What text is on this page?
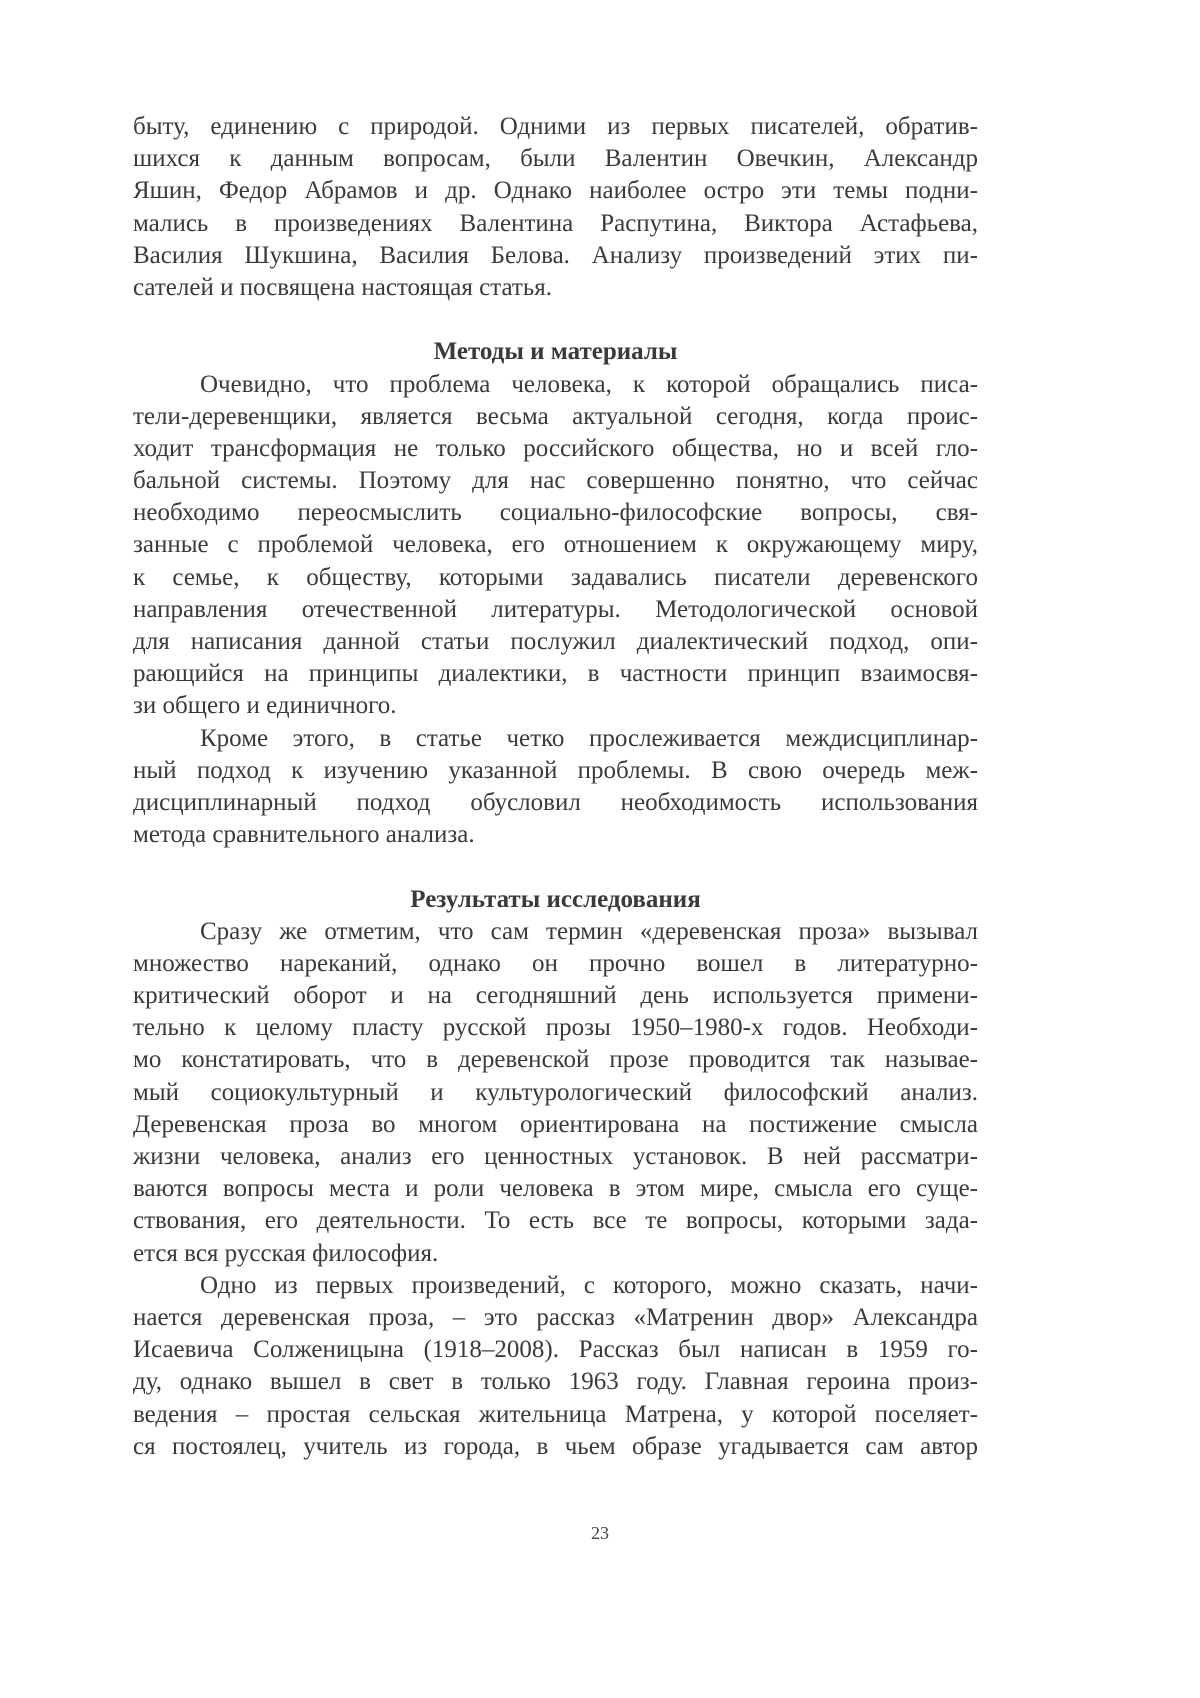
быту, единению с природой. Одними из первых писателей, обратив-
шихся к данным вопросам, были Валентин Овечкин, Александр
Яшин, Федор Абрамов и др. Однако наиболее остро эти темы подни-
мались в произведениях Валентина Распутина, Виктора Астафьева,
Василия Шукшина, Василия Белова. Анализу произведений этих пи-
сателей и посвящена настоящая статья.
Методы и материалы
Очевидно, что проблема человека, к которой обращались писа-
тели-деревенщики, является весьма актуальной сегодня, когда проис-
ходит трансформация не только российского общества, но и всей гло-
бальной системы. Поэтому для нас совершенно понятно, что сейчас
необходимо переосмыслить социально-философские вопросы, свя-
занные с проблемой человека, его отношением к окружающему миру,
к семье, к обществу, которыми задавались писатели деревенского
направления отечественной литературы. Методологической основой
для написания данной статьи послужил диалектический подход, опи-
рающийся на принципы диалектики, в частности принцип взаимосвя-
зи общего и единичного.
Кроме этого, в статье четко прослеживается междисциплинар-
ный подход к изучению указанной проблемы. В свою очередь меж-
дисциплинарный подход обусловил необходимость использования
метода сравнительного анализа.
Результаты исследования
Сразу же отметим, что сам термин «деревенская проза» вызывал
множество нареканий, однако он прочно вошел в литературно-
критический оборот и на сегодняшний день используется примени-
тельно к целому пласту русской прозы 1950–1980-х годов. Необходи-
мо констатировать, что в деревенской прозе проводится так называе-
мый социокультурный и культурологический философский анализ.
Деревенская проза во многом ориентирована на постижение смысла
жизни человека, анализ его ценностных установок. В ней рассматри-
ваются вопросы места и роли человека в этом мире, смысла его суще-
ствования, его деятельности. То есть все те вопросы, которыми зада-
ется вся русская философия.
Одно из первых произведений, с которого, можно сказать, начи-
нается деревенская проза, – это рассказ «Матренин двор» Александра
Исаевича Солженицына (1918–2008). Рассказ был написан в 1959 го-
ду, однако вышел в свет в только 1963 году. Главная героина произ-
ведения – простая сельская жительница Матрена, у которой поселяет-
ся постоялец, учитель из города, в чьем образе угадывается сам автор
23
